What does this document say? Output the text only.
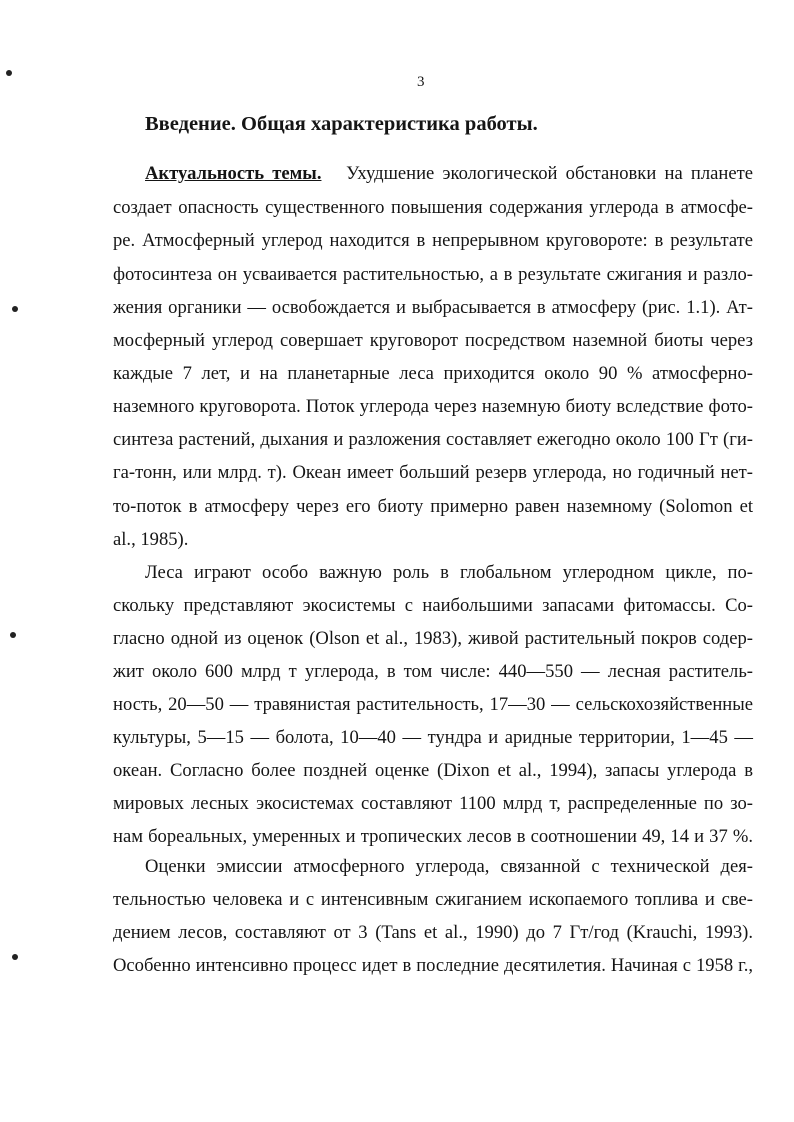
3
Введение. Общая характеристика работы.
Актуальность темы. Ухудшение экологической обстановки на планете
создает опасность существенного повышения содержания углерода в атмосфе-
ре. Атмосферный углерод находится в непрерывном круговороте: в результате
фотосинтеза он усваивается растительностью, а в результате сжигания и разло-
жения органики — освобождается и выбрасывается в атмосферу (рис. 1.1). Ат-
мосферный углерод совершает круговорот посредством наземной биоты через
каждые 7 лет, и на планетарные леса приходится около 90 % атмосферно-
наземного круговорота. Поток углерода через наземную биоту вследствие фото-
синтеза растений, дыхания и разложения составляет ежегодно около 100 Гт (ги-
га-тонн, или млрд. т). Океан имеет больший резерв углерода, но годичный нет-
то-поток в атмосферу через его биоту примерно равен наземному (Solomon et
al., 1985).
Леса играют особо важную роль в глобальном углеродном цикле, по-
скольку представляют экосистемы с наибольшими запасами фитомассы. Со-
гласно одной из оценок (Olson et al., 1983), живой растительный покров содер-
жит около 600 млрд т углерода, в том числе: 440—550 — лесная раститель-
ность, 20—50 — травянистая растительность, 17—30 — сельскохозяйственные
культуры, 5—15 — болота, 10—40 — тундра и аридные территории, 1—45 —
океан. Согласно более поздней оценке (Dixon et al., 1994), запасы углерода в
мировых лесных экосистемах составляют 1100 млрд т, распределенные по зо-
нам бореальных, умеренных и тропических лесов в соотношении 49, 14 и 37 %.
Оценки эмиссии атмосферного углерода, связанной с технической дея-
тельностью человека и с интенсивным сжиганием ископаемого топлива и све-
дением лесов, составляют от 3 (Tans et al., 1990) до 7 Гт/год (Krauchi, 1993).
Особенно интенсивно процесс идет в последние десятилетия. Начиная с 1958 г.,
